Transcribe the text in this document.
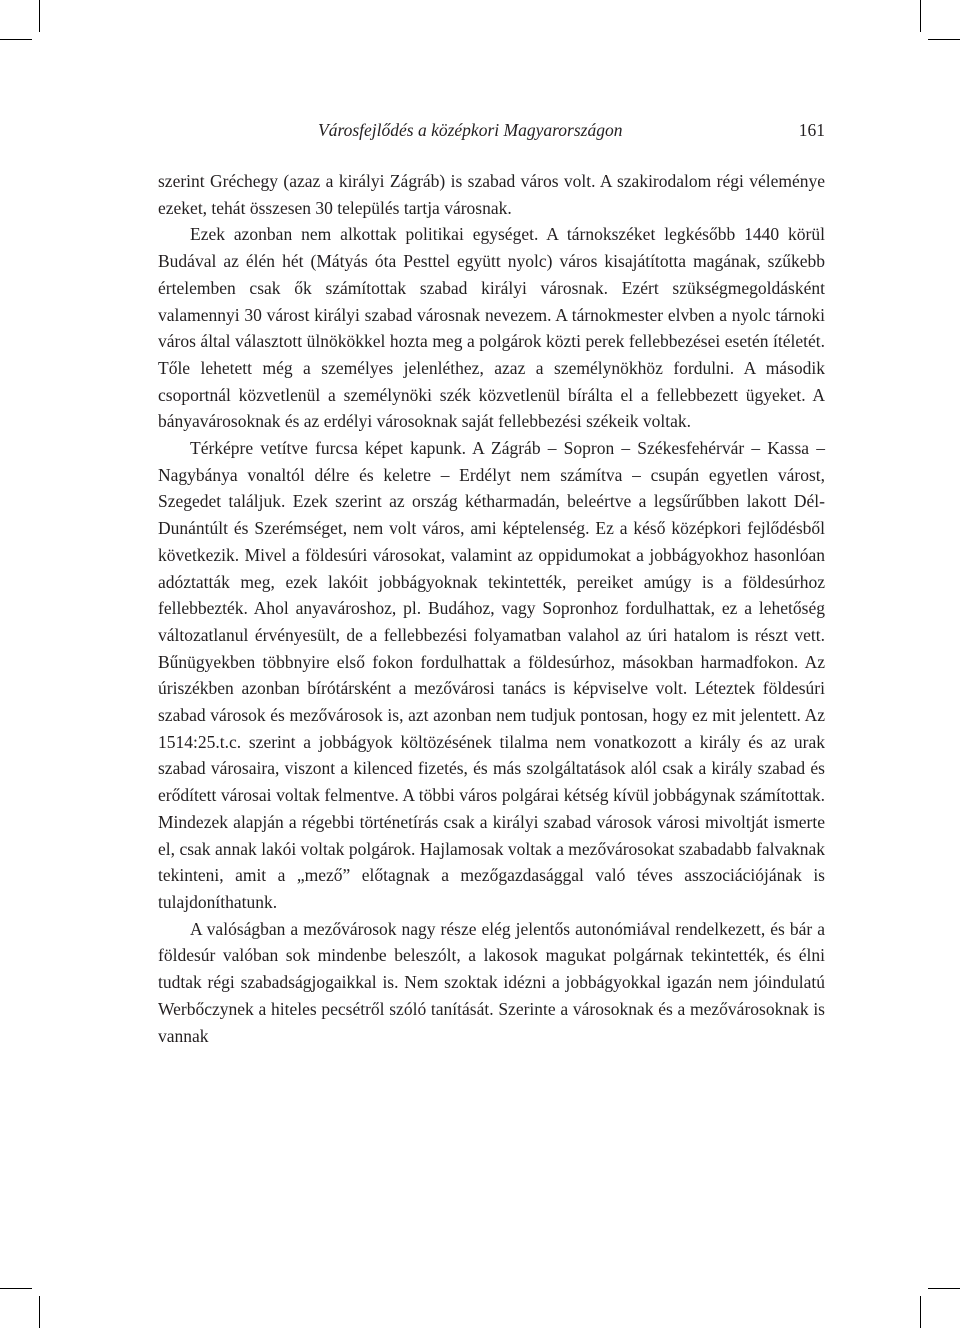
Városfejlődés a középkori Magyarországon	161

szerint Gréchegy (azaz a királyi Zágráb) is szabad város volt. A szakirodalom régi véleménye ezeket, tehát összesen 30 település tartja városnak.

Ezek azonban nem alkottak politikai egységet. A tárnokszéket legkésőbb 1440 körül Budával az élén hét (Mátyás óta Pesttel együtt nyolc) város kisajátította magának, szűkebb értelemben csak ők számítottak szabad királyi városnak. Ezért szükségmegoldásként valamennyi 30 várost királyi szabad városnak nevezem. A tárnokmester elvben a nyolc tárnoki város által választott ülnökökkel hozta meg a polgárok közti perek fellebbezései esetén ítéletét. Tőle lehetett még a személyes jelenléthez, azaz a személynökhöz fordulni. A második csoportnál közvetlenül a személynöki szék közvetlenül bírálta el a fellebbezett ügyeket. A bányavárosoknak és az erdélyi városoknak saját fellebbezési székeik voltak.

Térképre vetítve furcsa képet kapunk. A Zágráb – Sopron – Székesfehérvár – Kassa – Nagybánya vonaltól délre és keletre – Erdélyt nem számítva – csupán egyetlen várost, Szegedet találjuk. Ezek szerint az ország kétharmadán, beleértve a legsűrűbben lakott Dél-Dunántúlt és Szerémséget, nem volt város, ami képtelenség. Ez a késő középkori fejlődésből következik. Mivel a földesúri városokat, valamint az oppidumokat a jobbágyokhoz hasonlóan adóztatták meg, ezek lakóit jobbágyoknak tekintették, pereiket amúgy is a földesúrhoz fellebbezték. Ahol anyavároshoz, pl. Budához, vagy Sopronhoz fordulhattak, ez a lehetőség változatlanul érvényesült, de a fellebbezési folyamatban valahol az úri hatalom is részt vett. Bűnügyekben többnyire első fokon fordulhattak a földesúrhoz, másokban harmadfokon. Az úriszékben azonban bírótársként a mezővárosi tanács is képviselve volt. Léteztek földesúri szabad városok és mezővárosok is, azt azonban nem tudjuk pontosan, hogy ez mit jelentett. Az 1514:25.t.c. szerint a jobbágyok költözésének tilalma nem vonatkozott a király és az urak szabad városaira, viszont a kilenced fizetés, és más szolgáltatások alól csak a király szabad és erődített városai voltak felmentve. A többi város polgárai kétség kívül jobbágynak számítottak. Mindezek alapján a régebbi történetírás csak a királyi szabad városok városi mivoltját ismerte el, csak annak lakói voltak polgárok. Hajlamosak voltak a mezővárosokat szabadabb falvaknak tekinteni, amit a „mező” előtagnak a mezőgazdasággal való téves asszociációjának is tulajdoníthatunk.

A valóságban a mezővárosok nagy része elég jelentős autonómiával rendelkezett, és bár a földesúr valóban sok mindenbe beleszólt, a lakosok magukat polgárnak tekintették, és élni tudtak régi szabadságjogaikkal is. Nem szoktak idézni a jobbágyokkal igazán nem jóindulatú Werbőczynek a hiteles pecsétről szóló tanítását. Szerinte a városoknak és a mezővárosoknak is vannak
